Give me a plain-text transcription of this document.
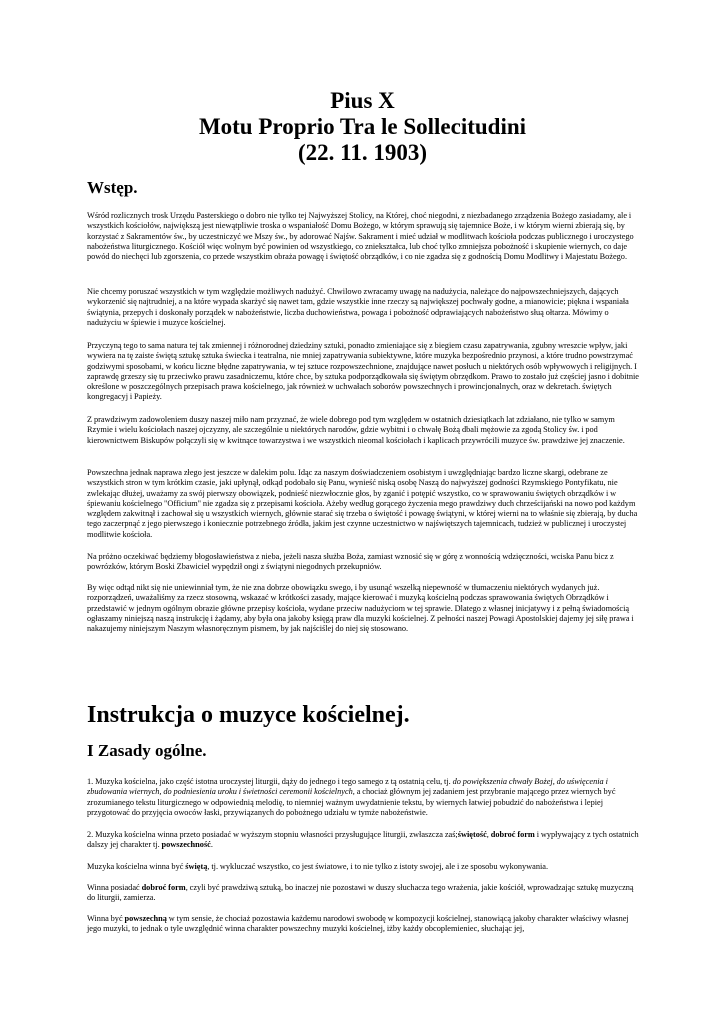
Pius X
Motu Proprio Tra le Sollecitudini
(22. 11. 1903)
Wstęp.

Wśród rozlicznych trosk Urzędu Pasterskiego o dobro nie tylko tej Najwyższej Stolicy, na Której, choć niegodni, z niezbadanego zrządzenia Bożego zasiadamy, ale i wszystkich kościołów, największą jest niewątpliwie troska o wspaniałość Domu Bożego, w którym sprawują się tajemnice Boże, i w którym wierni zbierają się, by korzystać z Sakramentów św., by uczestniczyć we Mszy św., by adorować Najśw. Sakrament i mieć udział w modlitwach kościoła podczas publicznego i uroczystego nabożeństwa liturgicznego. Kościół więc wolnym być powinien od wszystkiego, co zniekształca, lub choć tylko zmniejsza pobożność i skupienie wiernych, co daje powód do niechęci lub zgorszenia, co przede wszystkim obraża powagę i świętość obrządków, i co nie zgadza się z godnością Domu Modlitwy i Majestatu Bożego.

Nie chcemy poruszać wszystkich w tym względzie możliwych nadużyć. Chwilowo zwracamy uwagę na nadużycia, należące do najpowszechniejszych, dających wykorzenić się najtrudniej, a na które wypada skarżyć się nawet tam, gdzie wszystkie inne rzeczy są największej pochwały godne, a mianowicie; piękna i wspaniała świątynia, przepych i doskonały porządek w nabożeństwie, liczba duchowieństwa, powaga i pobożność odprawiających nabożeństwo słuą ołtarza. Mówimy o nadużyciu w śpiewie i muzyce kościelnej.

Przyczyną tego to sama natura tej tak zmiennej i różnorodnej dziedziny sztuki, ponadto zmieniające się z biegiem czasu zapatrywania, zgubny wreszcie wpływ, jaki wywiera na tę zaiste świętą sztukę sztuka świecka i teatralna, nie mniej zapatrywania subiektywne, które muzyka bezpośrednio przynosi, a które trudno powstrzymać godziwymi sposobami, w końcu liczne błędne zapatrywania, w tej sztuce rozpowszechnione, znajdujące nawet posłuch u niektórych osób wpływowych i religijnych. I zaprawdę grzeszy się tu przeciwko prawu zasadniczemu, które chce, by sztuka podporządkowała się świętym obrzędkom. Prawo to zostało już częściej jasno i dobitnie określone w poszczególnych przepisach prawa kościelnego, jak również w uchwałach soborów powszechnych i prowincjonalnych, oraz w dekretach. świętych kongregacyj i Papieży.

Z prawdziwym zadowoleniem duszy naszej miło nam przyznać, że wiele dobrego pod tym względem w ostatnich dziesiątkach lat zdziałano, nie tylko w samym Rzymie i wielu kościołach naszej ojczyzny, ale szczególnie u niektórych narodów, gdzie wybitni i o chwałę Bożą dbali mężowie za zgodą Stolicy św. i pod kierownictwem Biskupów połączyli się w kwitnące towarzystwa i we wszystkich nieomal kościołach i kaplicach przywrócili muzyce św. prawdziwe jej znaczenie.

Powszechna jednak naprawa złego jest jeszcze w dalekim polu. Idąc za naszym doświadczeniem osobistym i uwzględniając bardzo liczne skargi, odebrane ze wszystkich stron w tym krótkim czasie, jaki upłynął, odkąd podobało się Panu, wynieść niską osobę Naszą do najwyższej godności Rzymskiego Pontyfikatu, nie zwlekając dłużej, uważamy za swój pierwszy obowiązek, podnieść niezwłocznie głos, by zganić i potępić wszystko, co w sprawowaniu świętych obrządków i w śpiewaniu kościelnego "Officium" nie zgadza się z przepisami kościoła. Ażeby według gorącego życzenia mego prawdziwy duch chrześcijański na nowo pod każdym względem zakwitnął i zachował się u wszystkich wiernych, głównie starać się trzeba o świętość i powagę świątyni, w której wierni na to właśnie się zbierają, by ducha tego zaczerpnąć z jego pierwszego i koniecznie potrzebnego źródła, jakim jest czynne uczestnictwo w najświętszych tajemnicach, tudzież w publicznej i uroczystej modlitwie kościoła.

Na próżno oczekiwać będziemy błogosławieństwa z nieba, jeżeli nasza służba Boża, zamiast wznosić się w górę z wonnością wdzięczności, wciska Panu bicz z powrózków, którym Boski Zbawiciel wypędził ongi z świątyni niegodnych przekupniów.

By więc odtąd nikt się nie uniewinniał tym, że nie zna dobrze obowiązku swego, i by usunąć wszelką niepewność w tłumaczeniu niektórych wydanych już. rozporządzeń, uważaliśmy za rzecz stosowną, wskazać w krótkości zasady, mające kierować i muzyką kościelną podczas sprawowania świętych Obrządków i przedstawić w jednym ogólnym obrazie główne przepisy kościoła, wydane przeciw nadużyciom w tej sprawie. Dlatego z własnej inicjatywy i z pełną świadomością ogłaszamy niniejszą naszą instrukcję i żądamy, aby była ona jakoby księgą praw dla muzyki kościelnej. Z pełności naszej Powagi Apostolskiej dajemy jej siłę prawa i nakazujemy niniejszym Naszym własnoręcznym pismem, by jak najściślej do niej się stosowano.

Instrukcja o muzyce kościelnej.
I Zasady ogólne.

1. Muzyka kościelna, jako część istotna uroczystej liturgii, dąży do jednego i tego samego z tą ostatnią celu, tj. do powiększenia chwały Bożej, do uświęcenia i zbudowania wiernych, do podniesienia uroku i świetności ceremonii kościelnych, a chociaż głównym jej zadaniem jest przybranie mającego przez wiernych być zrozumianego tekstu liturgicznego w odpowiednią melodię, to niemniej ważnym uwydatnienie tekstu, by wiernych łatwiej pobudzić do nabożeństwa i lepiej przygotować do przyjęcia owoców łaski, przywiązanych do pobożnego udziału w tymże nabożeństwie.

2. Muzyka kościelna winna przeto posiadać w wyższym stopniu własności przysługujące liturgii, zwłaszcza zaś;świętość, dobroć form i wypływający z tych ostatnich dalszy jej charakter tj. powszechność.

Muzyka kościelna winna być świętą, tj. wykluczać wszystko, co jest światowe, i to nie tylko z istoty swojej, ale i ze sposobu wykonywania.

Winna posiadać dobroć form, czyli być prawdziwą sztuką, bo inaczej nie pozostawi w duszy słuchacza tego wrażenia, jakie kościół, wprowadzając sztukę muzyczną do liturgii, zamierza.

Winna być powszechną w tym sensie, że chociaż pozostawia każdemu narodowi swobodę w kompozycji kościelnej, stanowiącą jakoby charakter właściwy własnej jego muzyki, to jednak o tyle uwzględnić winna charakter powszechny muzyki kościelnej, iżby każdy obcoplemieniec, słuchając jej,
